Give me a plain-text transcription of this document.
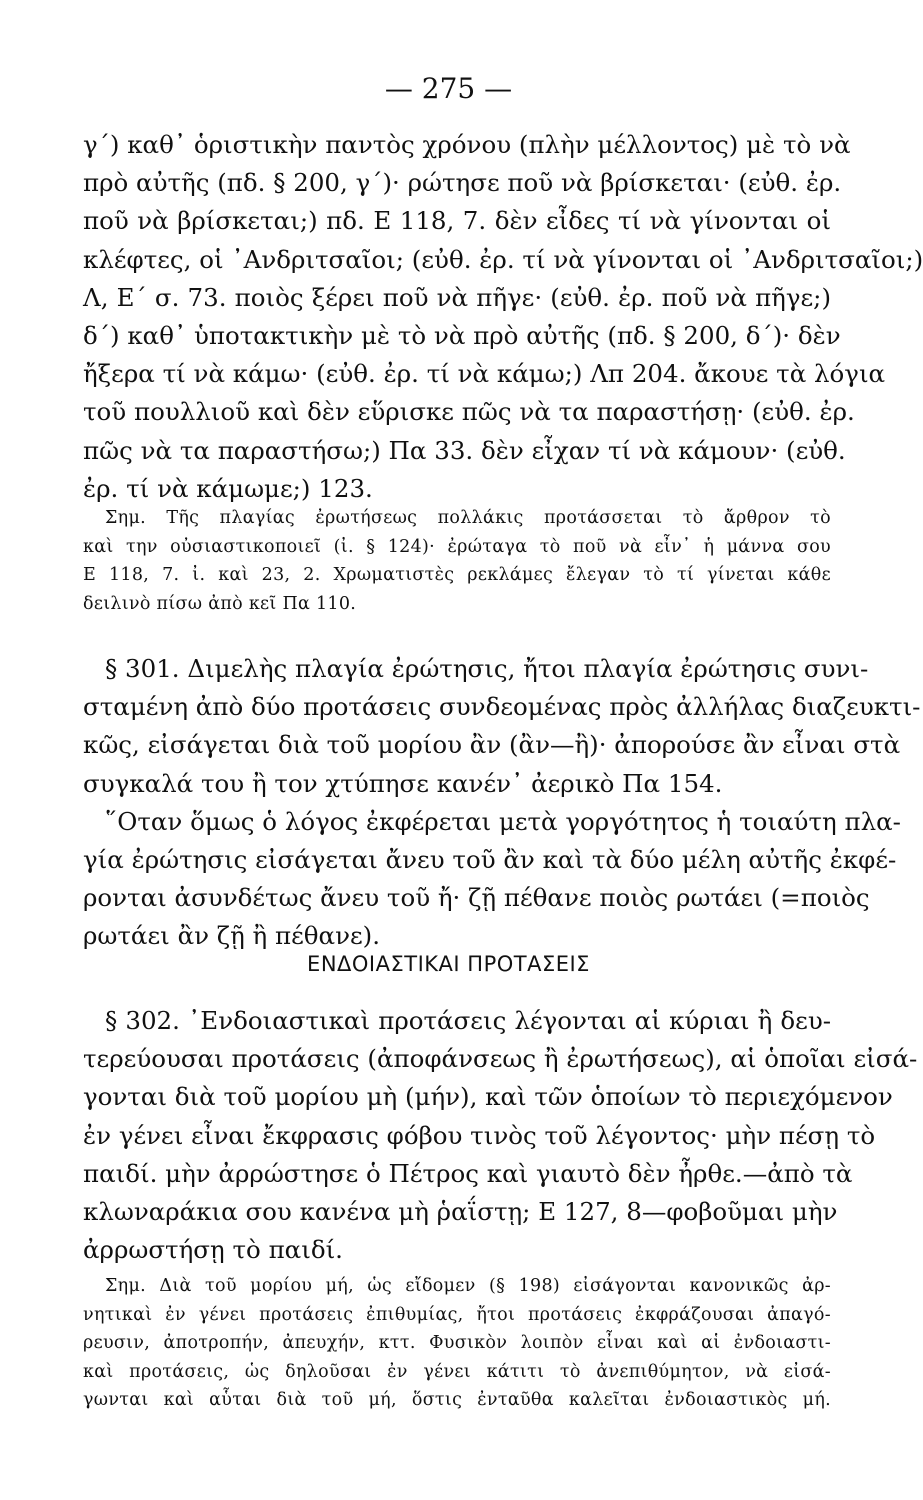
— 275 —
γ΄) καθ᾽ ὁριστικὴν παντὸς χρόνου (πλὴν μέλλοντος) μὲ τὸ νὰ
πρὸ αὐτῆς (πδ. § 200, γ΄)· ρώτησε ποῦ νὰ βρίσκεται· (εὐθ. ἐρ.
ποῦ νὰ βρίσκεται;) πδ. Ε 118, 7. δὲν εἶδες τί νὰ γίνονται οἱ
κλέφτες, οἱ ᾽Ανδριτσαῖοι; (εὐθ. ἐρ. τί νὰ γίνονται οἱ ᾽Ανδριτσαῖοι;)
Λ, Ε΄ σ. 73. ποιὸς ξέρει ποῦ νὰ πῆγε· (εὐθ. ἐρ. ποῦ νὰ πῆγε;)
δ΄) καθ᾽ ὑποτακτικὴν μὲ τὸ νὰ πρὸ αὐτῆς (πδ. § 200, δ΄)· δὲν
ἤξερα τί νὰ κάμω· (εὐθ. ἐρ. τί νὰ κάμω;) Λπ 204. ἄκουε τὰ λόγια
τοῦ πουλλιοῦ καὶ δὲν εὕρισκε πῶς νὰ τα παραστήσῃ· (εὐθ. ἐρ.
πῶς νὰ τα παραστήσω;) Πα 33. δὲν εἶχαν τί νὰ κάμουν· (εὐθ.
ἐρ. τί νὰ κάμωμε;) 123.
Σημ. Τῆς πλαγίας ἐρωτήσεως πολλάκις προτάσσεται τὸ ἄρθρον τὸ
καὶ την οὐσιαστικοποιεῖ (ἰ. § 124)· ἐρώταγα τὸ ποῦ νὰ εἶν᾽ ἡ μάννα σου
Ε 118, 7. ἰ. καὶ 23, 2. Χρωματιστὲς ρεκλάμες ἔλεγαν τὸ τί γίνεται κάθε
δειλινὸ πίσω ἀπὸ κεῖ Πα 110.
§ 301. Διμελὴς πλαγία ἐρώτησις, ἤτοι πλαγία ἐρώτησις συνι-
σταμένη ἀπὸ δύο προτάσεις συνδεομένας πρὸς ἀλλήλας διαζευκτι-
κῶς, εἰσάγεται διὰ τοῦ μορίου ἂν (ἂν—ἢ)· ἀπορούσε ἂν εἶναι στὰ
συγκαλά του ἢ τον χτύπησε κανέν᾽ ἀερικὸ Πα 154.
῞Οταν ὅμως ὁ λόγος ἐκφέρεται μετὰ γοργότητος ἡ τοιαύτη πλα-
γία ἐρώτησις εἰσάγεται ἄνευ τοῦ ἂν καὶ τὰ δύο μέλη αὐτῆς ἐκφέ-
ρονται ἀσυνδέτως ἄνευ τοῦ ἤ· ζῇ πέθανε ποιὸς ρωτάει (=ποιὸς
ρωτάει ἂν ζῇ ἢ πέθανε).
ΕΝΔΟΙΑΣΤΙΚΑΙ ΠΡΟΤΑΣΕΙΣ
§ 302. ᾽Ενδοιαστικαὶ προτάσεις λέγονται αἱ κύριαι ἢ δευ-
τερεύουσαι προτάσεις (ἀποφάνσεως ἢ ἐρωτήσεως), αἱ ὁποῖαι εἰσά-
γονται διὰ τοῦ μορίου μὴ (μήν), καὶ τῶν ὁποίων τὸ περιεχόμενον
ἐν γένει εἶναι ἔκφρασις φόβου τινὸς τοῦ λέγοντος· μὴν πέσῃ τὸ
παιδί. μὴν ἀρρώστησε ὁ Πέτρος καὶ γιαυτὸ δὲν ἦρθε.—ἀπὸ τὰ
κλωναράκια σου κανένα μὴ ῥαΐστῃ; Ε 127, 8—φοβοῦμαι μὴν
ἀρρωστήσῃ τὸ παιδί.
Σημ. Διὰ τοῦ μορίου μή, ὡς εἴδομεν (§ 198) εἰσάγονται κανονικῶς ἀρ-
νητικαὶ ἐν γένει προτάσεις ἐπιθυμίας, ἤτοι προτάσεις ἐκφράζουσαι ἀπαγό-
ρευσιν, ἀποτροπήν, ἀπευχήν, κττ. Φυσικὸν λοιπὸν εἶναι καὶ αἱ ἐνδοιαστι-
καὶ προτάσεις, ὡς δηλοῦσαι ἐν γένει κάτιτι τὸ ἀνεπιθύμητον, νὰ εἰσά-
γωνται καὶ αὗται διὰ τοῦ μή, ὅστις ἐνταῦθα καλεῖται ἐνδοιαστικὸς μή.
